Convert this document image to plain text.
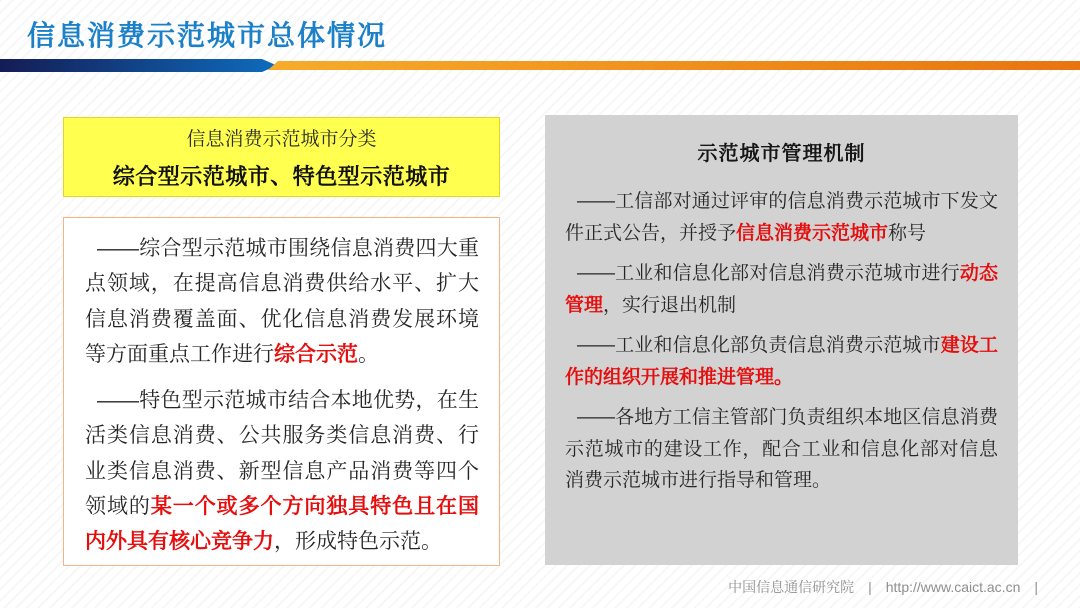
信息消费示范城市总体情况
信息消费示范城市分类
综合型示范城市、特色型示范城市

——综合型示范城市围绕信息消费四大重点领域，在提高信息消费供给水平、扩大信息消费覆盖面、优化信息消费发展环境等方面重点工作进行综合示范。

——特色型示范城市结合本地优势，在生活类信息消费、公共服务类信息消费、行业类信息消费、新型信息产品消费等四个领域的某一个或多个方向独具特色且在国内外具有核心竞争力，形成特色示范。

示范城市管理机制

——工信部对通过评审的信息消费示范城市下发文件正式公告，并授予信息消费示范城市称号

——工业和信息化部对信息消费示范城市进行动态管理，实行退出机制

——工业和信息化部负责信息消费示范城市建设工作的组织开展和推进管理。

——各地方工信主管部门负责组织本地区信息消费示范城市的建设工作，配合工业和信息化部对信息消费示范城市进行指导和管理。

中国信息通信研究院 | http://www.caict.ac.cn |
